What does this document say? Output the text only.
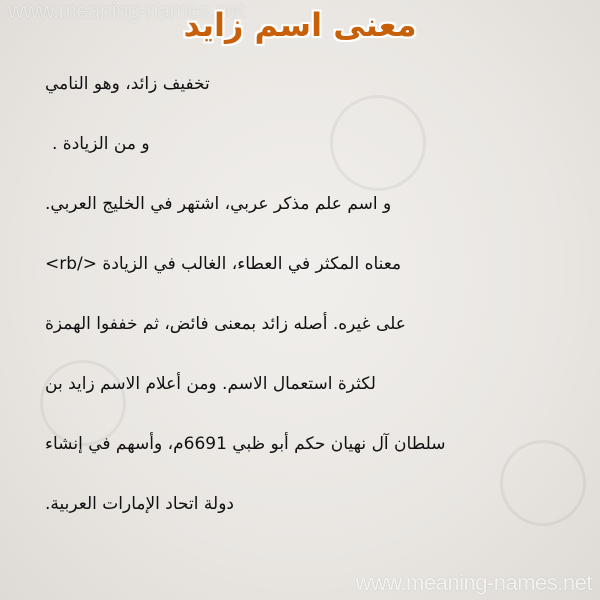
www.meaning-names.net
معنى اسم زايد
تخفيف زائد، وهو النامي
و من الزيادة .
و اسم علم مذكر عربي، اشتهر في الخليج العربي.
معناه المكثر في العطاء، الغالب في الزيادة </rb>
على غيره. أصله زائد بمعنى فائض، ثم خففوا الهمزة
لكثرة استعمال الاسم. ومن أعلام الاسم زايد بن
سلطان آل نهيان حكم أبو ظبي 6691م، وأسهم في إنشاء
دولة اتحاد الإمارات العربية.
www.meaning-names.net
